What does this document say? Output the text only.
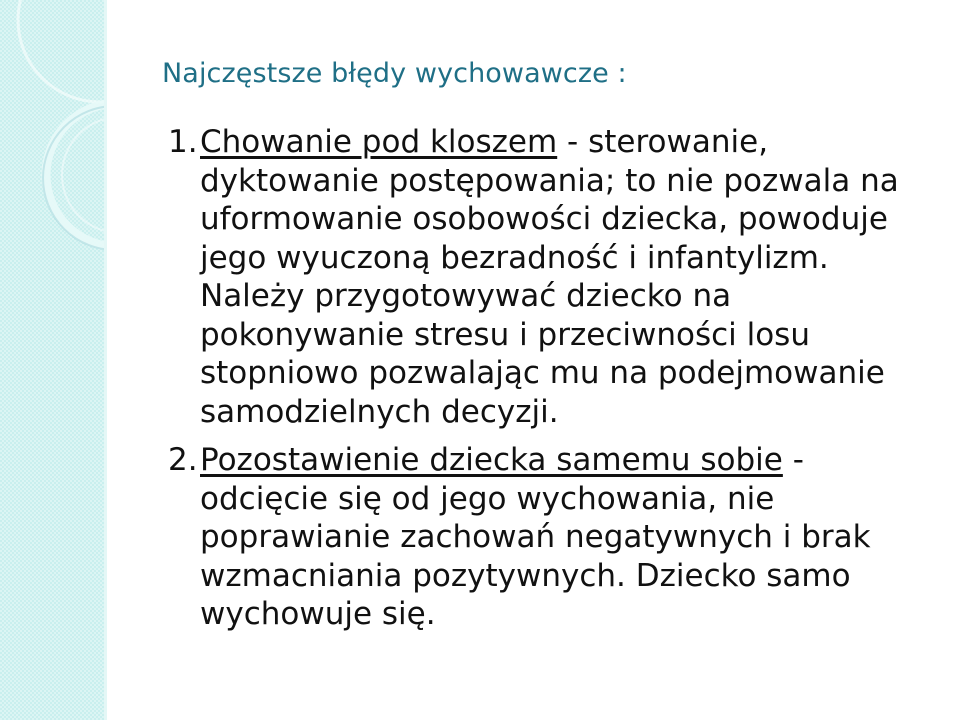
Najczęstsze błędy wychowawcze :
1. Chowanie pod kloszem - sterowanie, dyktowanie postępowania; to nie pozwala na uformowanie osobowości dziecka, powoduje jego wyuczoną bezradność i infantylizm. Należy przygotowywać dziecko na pokonywanie stresu i przeciwności losu stopniowo pozwalając mu na podejmowanie samodzielnych decyzji.
2. Pozostawienie dziecka samemu sobie - odcięcie się od jego wychowania, nie poprawianie zachowań negatywnych i brak wzmacniania pozytywnych. Dziecko samo wychowuje się.
